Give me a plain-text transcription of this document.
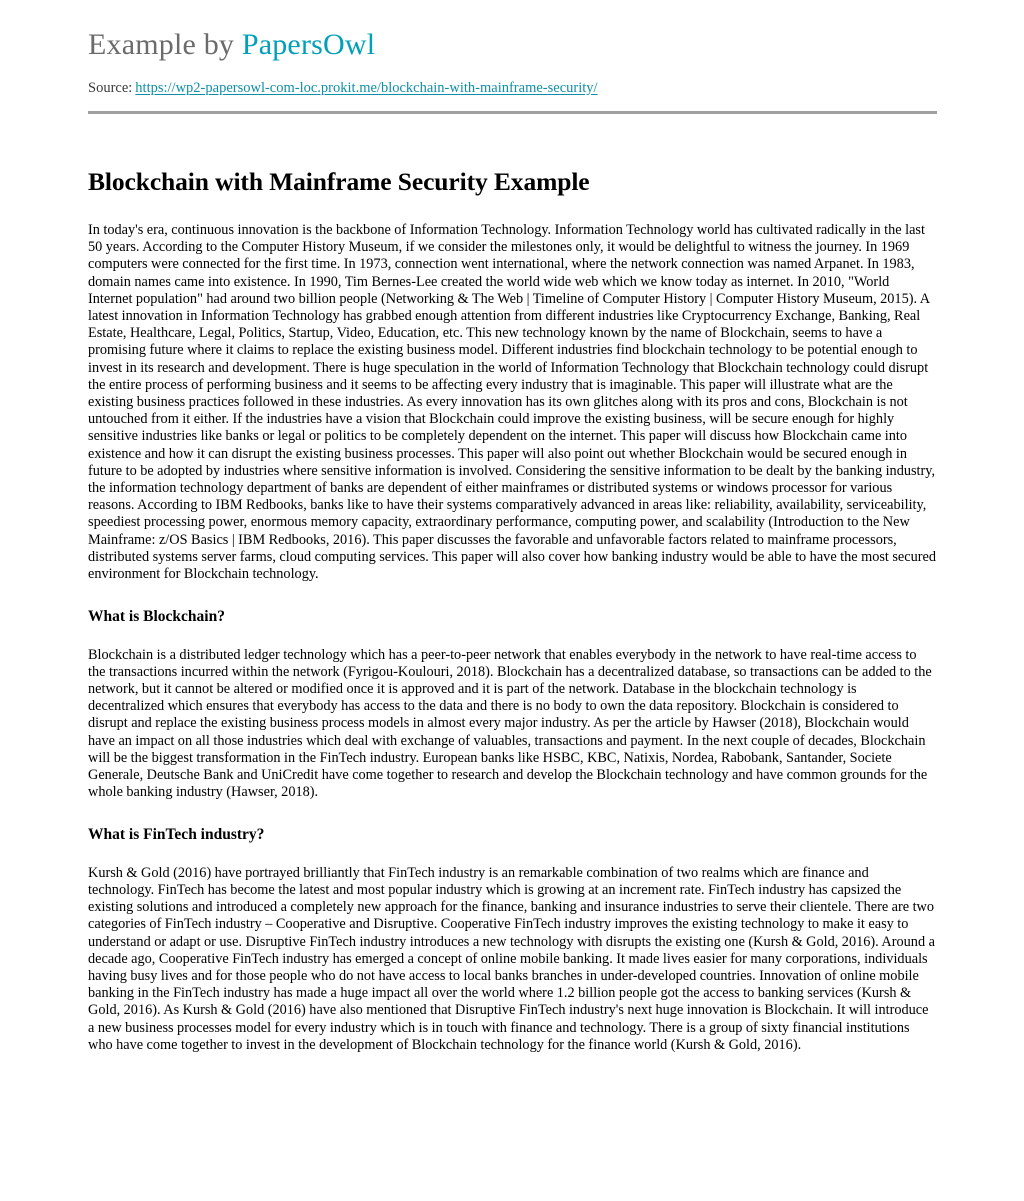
Example by PapersOwl

Source: https://wp2-papersowl-com-loc.prokit.me/blockchain-with-mainframe-security/

Blockchain with Mainframe Security Example

In today's era, continuous innovation is the backbone of Information Technology. Information Technology world has cultivated radically in the last 50 years. According to the Computer History Museum, if we consider the milestones only, it would be delightful to witness the journey. In 1969 computers were connected for the first time. In 1973, connection went international, where the network connection was named Arpanet. In 1983, domain names came into existence. In 1990, Tim Bernes-Lee created the world wide web which we know today as internet. In 2010, "World Internet population" had around two billion people (Networking & The Web | Timeline of Computer History | Computer History Museum, 2015). A latest innovation in Information Technology has grabbed enough attention from different industries like Cryptocurrency Exchange, Banking, Real Estate, Healthcare, Legal, Politics, Startup, Video, Education, etc. This new technology known by the name of Blockchain, seems to have a promising future where it claims to replace the existing business model. Different industries find blockchain technology to be potential enough to invest in its research and development. There is huge speculation in the world of Information Technology that Blockchain technology could disrupt the entire process of performing business and it seems to be affecting every industry that is imaginable. This paper will illustrate what are the existing business practices followed in these industries. As every innovation has its own glitches along with its pros and cons, Blockchain is not untouched from it either. If the industries have a vision that Blockchain could improve the existing business, will be secure enough for highly sensitive industries like banks or legal or politics to be completely dependent on the internet. This paper will discuss how Blockchain came into existence and how it can disrupt the existing business processes. This paper will also point out whether Blockchain would be secured enough in future to be adopted by industries where sensitive information is involved. Considering the sensitive information to be dealt by the banking industry, the information technology department of banks are dependent of either mainframes or distributed systems or windows processor for various reasons. According to IBM Redbooks, banks like to have their systems comparatively advanced in areas like: reliability, availability, serviceability, speediest processing power, enormous memory capacity, extraordinary performance, computing power, and scalability (Introduction to the New Mainframe: z/OS Basics | IBM Redbooks, 2016). This paper discusses the favorable and unfavorable factors related to mainframe processors, distributed systems server farms, cloud computing services. This paper will also cover how banking industry would be able to have the most secured environment for Blockchain technology.

What is Blockchain?

Blockchain is a distributed ledger technology which has a peer-to-peer network that enables everybody in the network to have real-time access to the transactions incurred within the network (Fyrigou-Koulouri, 2018). Blockchain has a decentralized database, so transactions can be added to the network, but it cannot be altered or modified once it is approved and it is part of the network. Database in the blockchain technology is decentralized which ensures that everybody has access to the data and there is no body to own the data repository. Blockchain is considered to disrupt and replace the existing business process models in almost every major industry. As per the article by Hawser (2018), Blockchain would have an impact on all those industries which deal with exchange of valuables, transactions and payment. In the next couple of decades, Blockchain will be the biggest transformation in the FinTech industry. European banks like HSBC, KBC, Natixis, Nordea, Rabobank, Santander, Societe Generale, Deutsche Bank and UniCredit have come together to research and develop the Blockchain technology and have common grounds for the whole banking industry (Hawser, 2018).

What is FinTech industry?

Kursh & Gold (2016) have portrayed brilliantly that FinTech industry is an remarkable combination of two realms which are finance and technology. FinTech has become the latest and most popular industry which is growing at an increment rate. FinTech industry has capsized the existing solutions and introduced a completely new approach for the finance, banking and insurance industries to serve their clientele. There are two categories of FinTech industry – Cooperative and Disruptive. Cooperative FinTech industry improves the existing technology to make it easy to understand or adapt or use. Disruptive FinTech industry introduces a new technology with disrupts the existing one (Kursh & Gold, 2016). Around a decade ago, Cooperative FinTech industry has emerged a concept of online mobile banking. It made lives easier for many corporations, individuals having busy lives and for those people who do not have access to local banks branches in under-developed countries. Innovation of online mobile banking in the FinTech industry has made a huge impact all over the world where 1.2 billion people got the access to banking services (Kursh & Gold, 2016). As Kursh & Gold (2016) have also mentioned that Disruptive FinTech industry's next huge innovation is Blockchain. It will introduce a new business processes model for every industry which is in touch with finance and technology. There is a group of sixty financial institutions who have come together to invest in the development of Blockchain technology for the finance world (Kursh & Gold, 2016).
